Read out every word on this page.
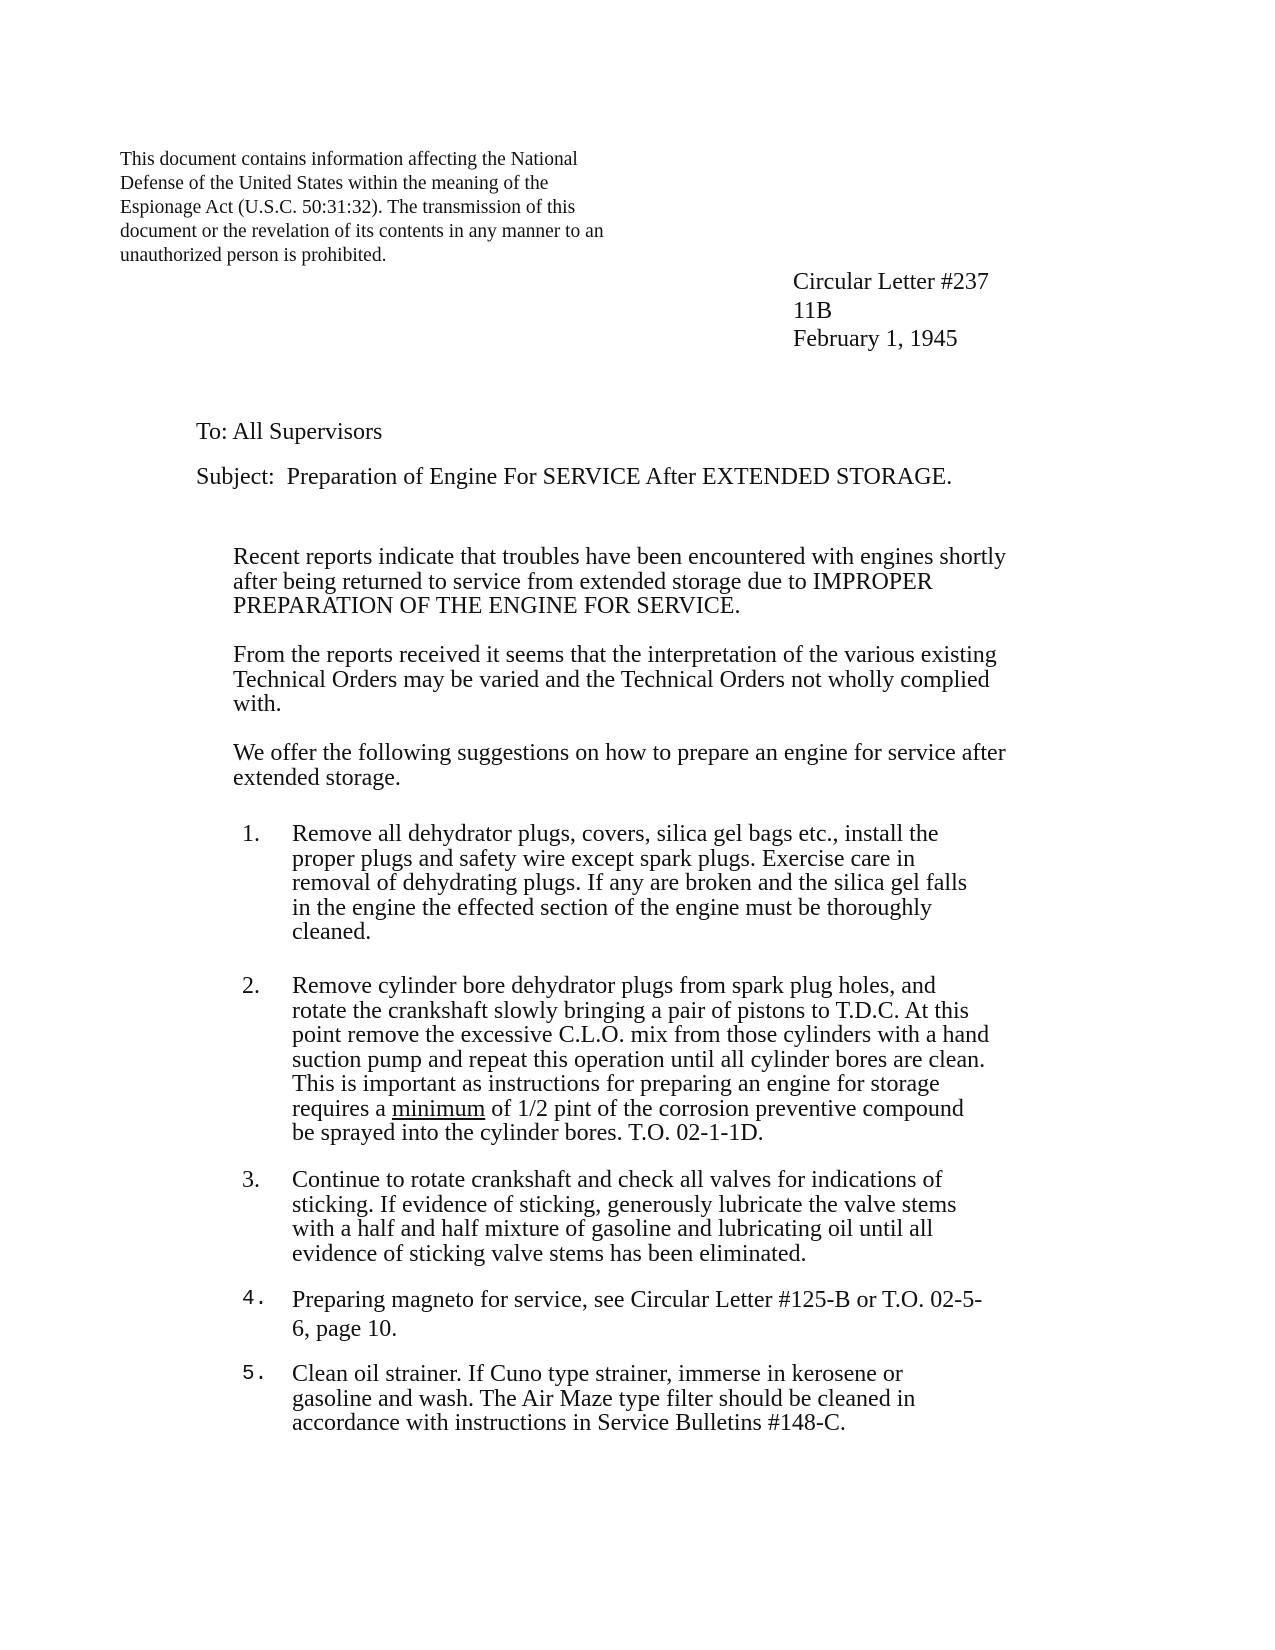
This document contains information affecting the National
Defense of the United States within the meaning of the
Espionage Act (U.S.C. 50:31:32). The transmission of this
document or the revelation of its contents in any manner to an
unauthorized person is prohibited.
Circular Letter #237
11B
February 1, 1945
To: All Supervisors
Subject: Preparation of Engine For SERVICE After EXTENDED STORAGE.
Recent reports indicate that troubles have been encountered with engines shortly
after being returned to service from extended storage due to IMPROPER
PREPARATION OF THE ENGINE FOR SERVICE.
From the reports received it seems that the interpretation of the various existing
Technical Orders may be varied and the Technical Orders not wholly complied
with.
We offer the following suggestions on how to prepare an engine for service after
extended storage.
1. Remove all dehydrator plugs, covers, silica gel bags etc., install the
proper plugs and safety wire except spark plugs. Exercise care in
removal of dehydrating plugs. If any are broken and the silica gel falls
in the engine the effected section of the engine must be thoroughly
cleaned.
2. Remove cylinder bore dehydrator plugs from spark plug holes, and
rotate the crankshaft slowly bringing a pair of pistons to T.D.C. At this
point remove the excessive C.L.O. mix from those cylinders with a hand
suction pump and repeat this operation until all cylinder bores are clean.
This is important as instructions for preparing an engine for storage
requires a minimum of 1/2 pint of the corrosion preventive compound
be sprayed into the cylinder bores. T.O. 02-1-1D.
3. Continue to rotate crankshaft and check all valves for indications of
sticking. If evidence of sticking, generously lubricate the valve stems
with a half and half mixture of gasoline and lubricating oil until all
evidence of sticking valve stems has been eliminated.
4. Preparing magneto for service, see Circular Letter #125-B or T.O. 02-5-
6, page 10.
5. Clean oil strainer. If Cuno type strainer, immerse in kerosene or
gasoline and wash. The Air Maze type filter should be cleaned in
accordance with instructions in Service Bulletins #148-C.
